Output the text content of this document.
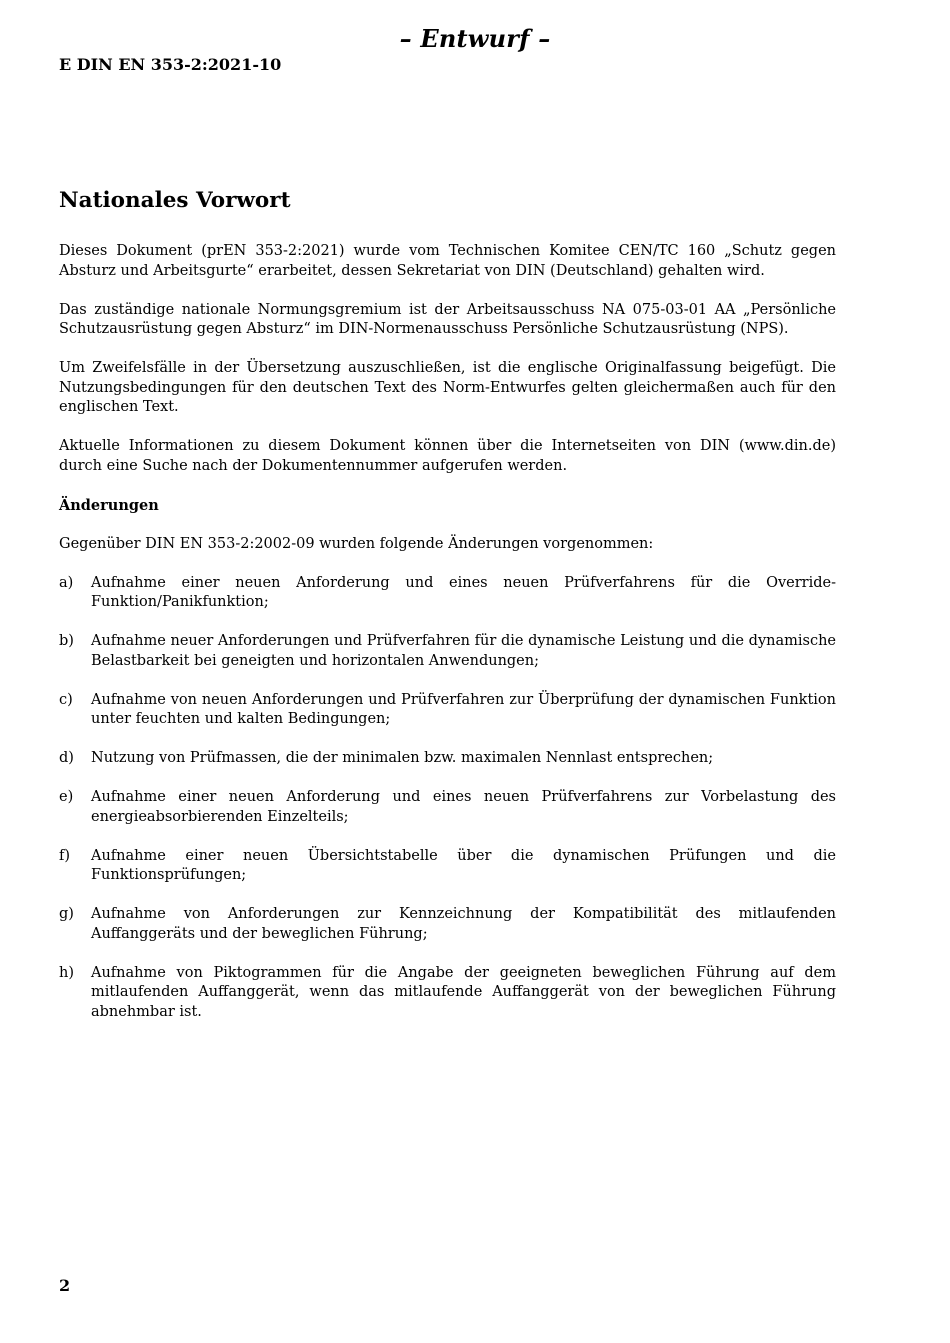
– Entwurf –
E DIN EN 353-2:2021-10
Nationales Vorwort

Dieses Dokument (prEN 353-2:2021) wurde vom Technischen Komitee CEN/TC 160 „Schutz gegen Absturz und Arbeitsgurte“ erarbeitet, dessen Sekretariat von DIN (Deutschland) gehalten wird.

Das zuständige nationale Normungsgremium ist der Arbeitsausschuss NA 075-03-01 AA „Persönliche Schutzausrüstung gegen Absturz“ im DIN-Normenausschuss Persönliche Schutzausrüstung (NPS).

Um Zweifelsfälle in der Übersetzung auszuschließen, ist die englische Originalfassung beigefügt. Die Nutzungsbedingungen für den deutschen Text des Norm-Entwurfes gelten gleichermaßen auch für den englischen Text.

Aktuelle Informationen zu diesem Dokument können über die Internetseiten von DIN (www.din.de) durch eine Suche nach der Dokumentennummer aufgerufen werden.

Änderungen

Gegenüber DIN EN 353-2:2002-09 wurden folgende Änderungen vorgenommen:

a) Aufnahme einer neuen Anforderung und eines neuen Prüfverfahrens für die Override-Funktion/Panikfunktion;
b) Aufnahme neuer Anforderungen und Prüfverfahren für die dynamische Leistung und die dynamische Belastbarkeit bei geneigten und horizontalen Anwendungen;
c) Aufnahme von neuen Anforderungen und Prüfverfahren zur Überprüfung der dynamischen Funktion unter feuchten und kalten Bedingungen;
d) Nutzung von Prüfmassen, die der minimalen bzw. maximalen Nennlast entsprechen;
e) Aufnahme einer neuen Anforderung und eines neuen Prüfverfahrens zur Vorbelastung des energieabsorbierenden Einzelteils;
f) Aufnahme einer neuen Übersichtstabelle über die dynamischen Prüfungen und die Funktionsprüfungen;
g) Aufnahme von Anforderungen zur Kennzeichnung der Kompatibilität des mitlaufenden Auffanggeräts und der beweglichen Führung;
h) Aufnahme von Piktogrammen für die Angabe der geeigneten beweglichen Führung auf dem mitlaufenden Auffanggerät, wenn das mitlaufende Auffanggerät von der beweglichen Führung abnehmbar ist.
2
